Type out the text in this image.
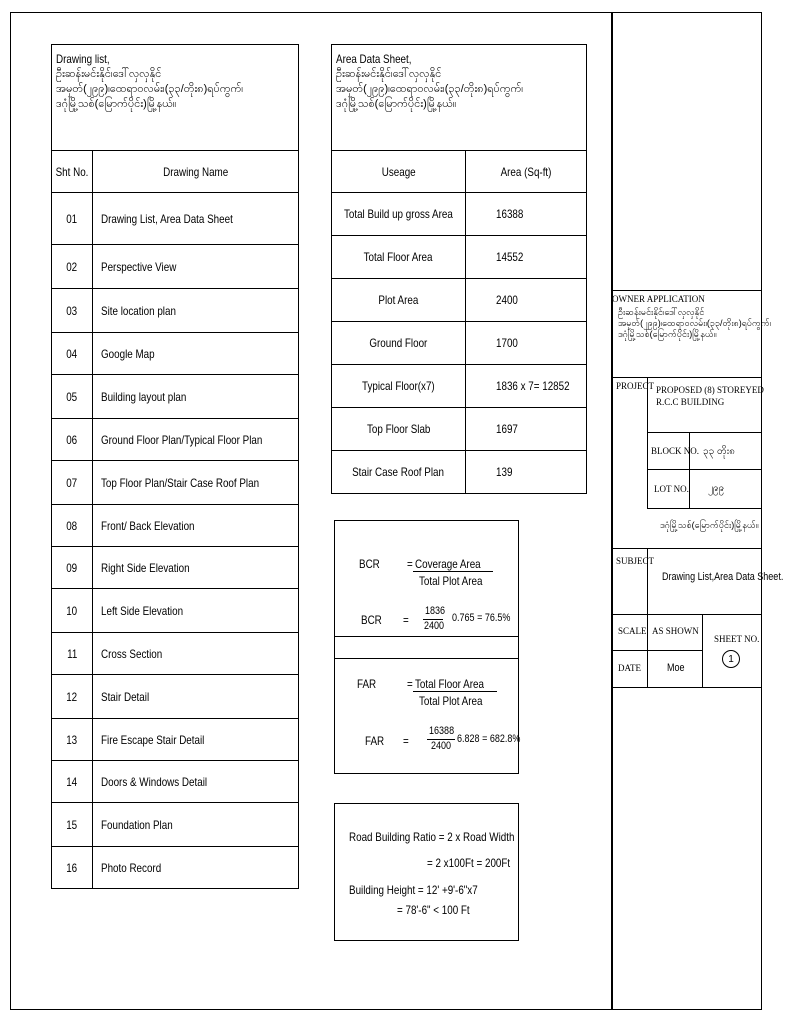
Drawing list,
ဦးဆန်းမင်းနိုင်၊ဒေါ်လှလှနိုင်
အမှတ်(၂၉၉)၊ထေရာဝလမ်း၊(၃၃/တိုး၈)ရပ်ကွက်၊
ဒဂုံမြို့သစ်(မြောက်ပိုင်း)မြို့နယ်။	

Sht No.	Drawing Name
01	Drawing List, Area Data Sheet
02	Perspective View
03	Site location plan
04	Google Map
05	Building layout plan
06	Ground Floor Plan/Typical Floor Plan
07	Top Floor Plan/Stair Case Roof Plan
08	Front/ Back Elevation
09	Right Side Elevation
10	Left Side Elevation
11	Cross Section
12	Stair Detail
13	Fire Escape Stair Detail
14	Doors & Windows Detail
15	Foundation Plan
16	Photo Record
Area Data Sheet,
ဦးဆန်းမင်းနိုင်၊ဒေါ်လှလှနိုင်
အမှတ်(၂၉၉)၊ထေရာဝလမ်း၊(၃၃/တိုး၈)ရပ်ကွက်၊
ဒဂုံမြို့သစ်(မြောက်ပိုင်း)မြို့နယ်။	

Useage	Area (Sq-ft)
Total Build up gross Area	16388
Total Floor Area	14552
Plot Area	2400
Ground Floor	1700
Typical Floor(x7)	1836 x 7= 12852
Top Floor Slab	1697
Stair Case Roof Plan	139
BCR = Coverage Area
Total Plot Area
BCR =
1836
2400
0.765 = 76.5%
FAR	= Total Floor Area
Total Plot Area
FAR =
16388
2400
6.828 = 682.8%
Road Building Ratio = 2 x Road Width
= 2 x100Ft = 200Ft
Building Height = 12' +9'-6"x7
= 78'-6" < 100 Ft
OWNER APPLICATION
ဦးဆန်းမင်းနိုင်၊ဒေါ်လှလှနိုင်
အမှတ်(၂၉၉)၊ထေရာဝလမ်း၊(၃၃/တိုး၈)ရပ်ကွက်၊
ဒဂုံမြို့သစ်(မြောက်ပိုင်း)မြို့နယ်။
PROJECT PROPOSED (8) STOREYED
R.C.C BUILDING
BLOCK NO. ၃၃ တိုး၈
LOT NO. ၂၉၉
ဒဂုံမြို့သစ်(မြောက်ပိုင်း)မြို့နယ်။
SUBJECT
Drawing List,Area Data Sheet.
SCALE AS SHOWN
SHEET NO.
1
DATE Moe
